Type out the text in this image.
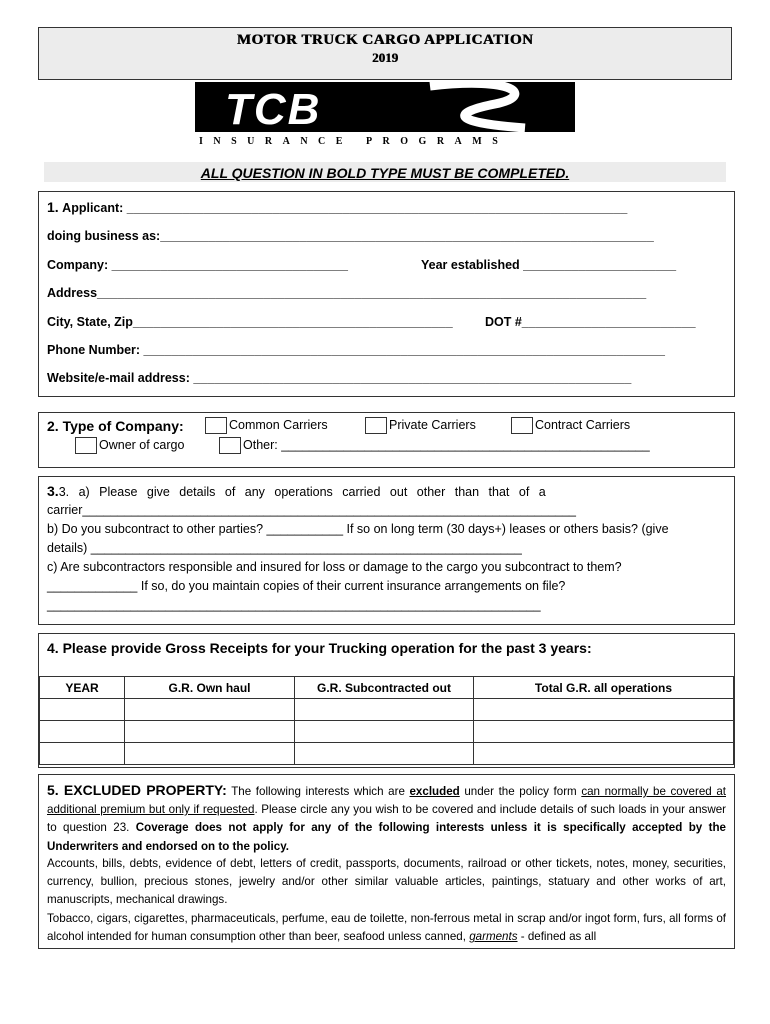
MOTOR TRUCK CARGO APPLICATION
2019
TCB
INSURANCE PROGRAMS
ALL QUESTION IN BOLD TYPE MUST BE COMPLETED.
1. Applicant: ________________________________________________________________________
doing business as:_______________________________________________________________________
Company: __________________________________	Year established ______________________
Address_______________________________________________________________________________
City, State, Zip______________________________________________	DOT #_________________________
Phone Number: ___________________________________________________________________________
Website/e-mail address: _______________________________________________________________
2. Type of Company:	Common Carriers	Private Carriers	Contract Carriers
Owner of cargo	Other: _____________________________________________________
3.3. a) Please give details of any operations carried out other than that of a
carrier_______________________________________________________________________
b) Do you subcontract to other parties? ___________ If so on long term (30 days+) leases or others basis? (give
details) ______________________________________________________________
c) Are subcontractors responsible and insured for loss or damage to the cargo you subcontract to them?
_____________ If so, do you maintain copies of their current insurance arrangements on file?
_______________________________________________________________________
4. Please provide Gross Receipts for your Trucking operation for the past 3 years:
YEAR	G.R. Own haul	G.R. Subcontracted out	Total G.R. all operations

5. EXCLUDED PROPERTY: The following interests which are excluded under the policy form can normally be covered at additional premium but only if requested. Please circle any you wish to be covered and include details of such loads in your answer to question 23. Coverage does not apply for any of the following interests unless it is specifically accepted by the Underwriters and endorsed on to the policy.
Accounts, bills, debts, evidence of debt, letters of credit, passports, documents, railroad or other tickets, notes, money, securities, currency, bullion, precious stones, jewelry and/or other similar valuable articles, paintings, statuary and other works of art, manuscripts, mechanical drawings.
Tobacco, cigars, cigarettes, pharmaceuticals, perfume, eau de toilette, non-ferrous metal in scrap and/or ingot form, furs, all forms of alcohol intended for human consumption other than beer, seafood unless canned, garments - defined as all
